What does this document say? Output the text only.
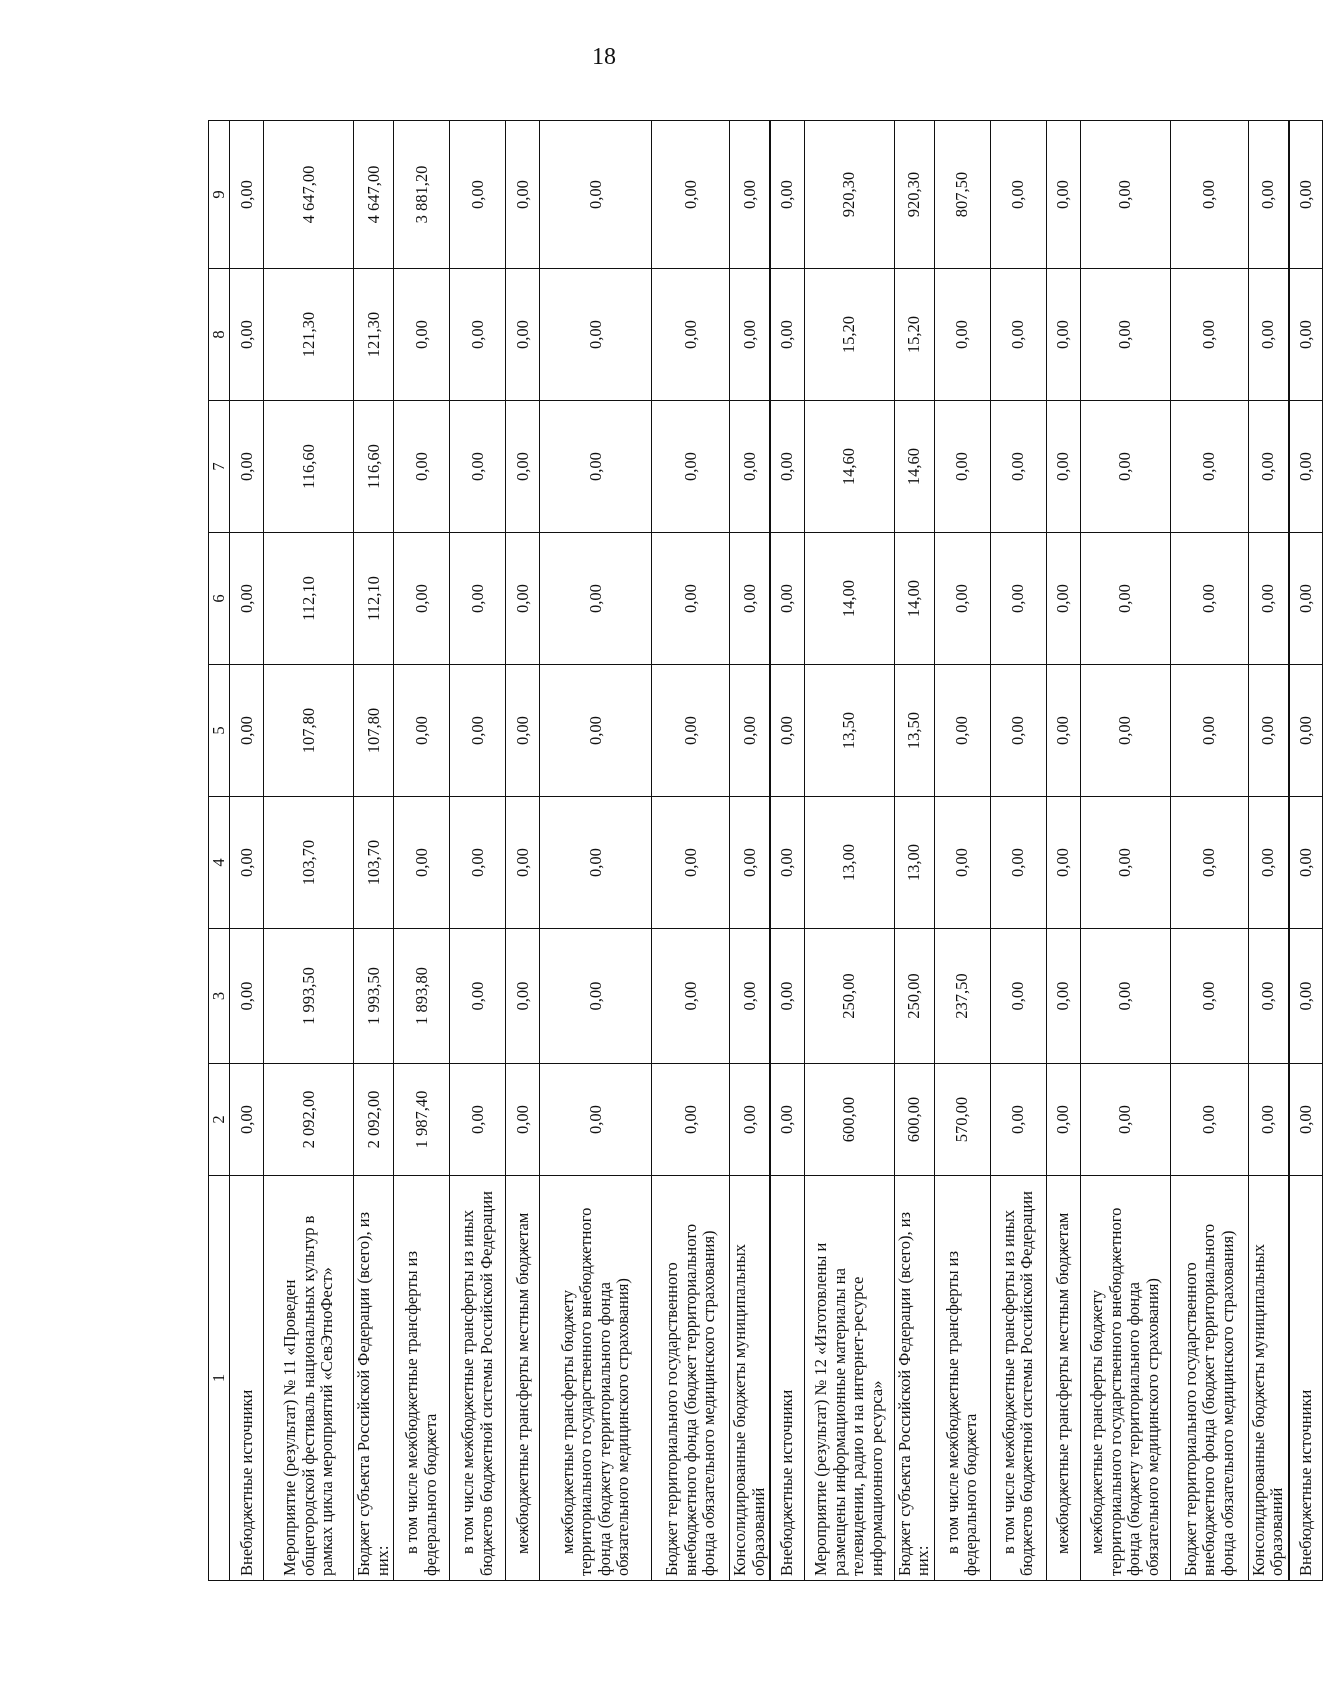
18
1	2	3	4	5	6	7	8	9
Внебюджетные источники	0,00	0,00	0,00	0,00	0,00	0,00	0,00	0,00
Мероприятие (результат) № 11 «Проведен общегородской фестиваль национальных культур в рамках цикла мероприятий «СевЭтноФест»	2 092,00	1 993,50	103,70	107,80	112,10	116,60	121,30	4 647,00
Бюджет субъекта Российской Федерации (всего), из них:	2 092,00	1 993,50	103,70	107,80	112,10	116,60	121,30	4 647,00
в том числе межбюджетные трансферты из федерального бюджета	1 987,40	1 893,80	0,00	0,00	0,00	0,00	0,00	3 881,20
в том числе межбюджетные трансферты из иных бюджетов бюджетной системы Российской Федерации	0,00	0,00	0,00	0,00	0,00	0,00	0,00	0,00
межбюджетные трансферты местным бюджетам	0,00	0,00	0,00	0,00	0,00	0,00	0,00	0,00
межбюджетные трансферты бюджету территориального государственного внебюджетного фонда (бюджету территориального фонда обязательного медицинского страхования)	0,00	0,00	0,00	0,00	0,00	0,00	0,00	0,00
Бюджет территориального государственного внебюджетного фонда (бюджет территориального фонда обязательного медицинского страхования)	0,00	0,00	0,00	0,00	0,00	0,00	0,00	0,00
Консолидированные бюджеты муниципальных образований	0,00	0,00	0,00	0,00	0,00	0,00	0,00	0,00
Внебюджетные источники	0,00	0,00	0,00	0,00	0,00	0,00	0,00	0,00
Мероприятие (результат) № 12 «Изготовлены и размещены информационные материалы на телевидении, радио и на интернет-ресурсе информационного ресурса»	600,00	250,00	13,00	13,50	14,00	14,60	15,20	920,30
Бюджет субъекта Российской Федерации (всего), из них:	600,00	250,00	13,00	13,50	14,00	14,60	15,20	920,30
в том числе межбюджетные трансферты из федерального бюджета	570,00	237,50	0,00	0,00	0,00	0,00	0,00	807,50
в том числе межбюджетные трансферты из иных бюджетов бюджетной системы Российской Федерации	0,00	0,00	0,00	0,00	0,00	0,00	0,00	0,00
межбюджетные трансферты местным бюджетам	0,00	0,00	0,00	0,00	0,00	0,00	0,00	0,00
межбюджетные трансферты бюджету территориального государственного внебюджетного фонда (бюджету территориального фонда обязательного медицинского страхования)	0,00	0,00	0,00	0,00	0,00	0,00	0,00	0,00
Бюджет территориального государственного внебюджетного фонда (бюджет территориального фонда обязательного медицинского страхования)	0,00	0,00	0,00	0,00	0,00	0,00	0,00	0,00
Консолидированные бюджеты муниципальных образований	0,00	0,00	0,00	0,00	0,00	0,00	0,00	0,00
Внебюджетные источники	0,00	0,00	0,00	0,00	0,00	0,00	0,00	0,00
